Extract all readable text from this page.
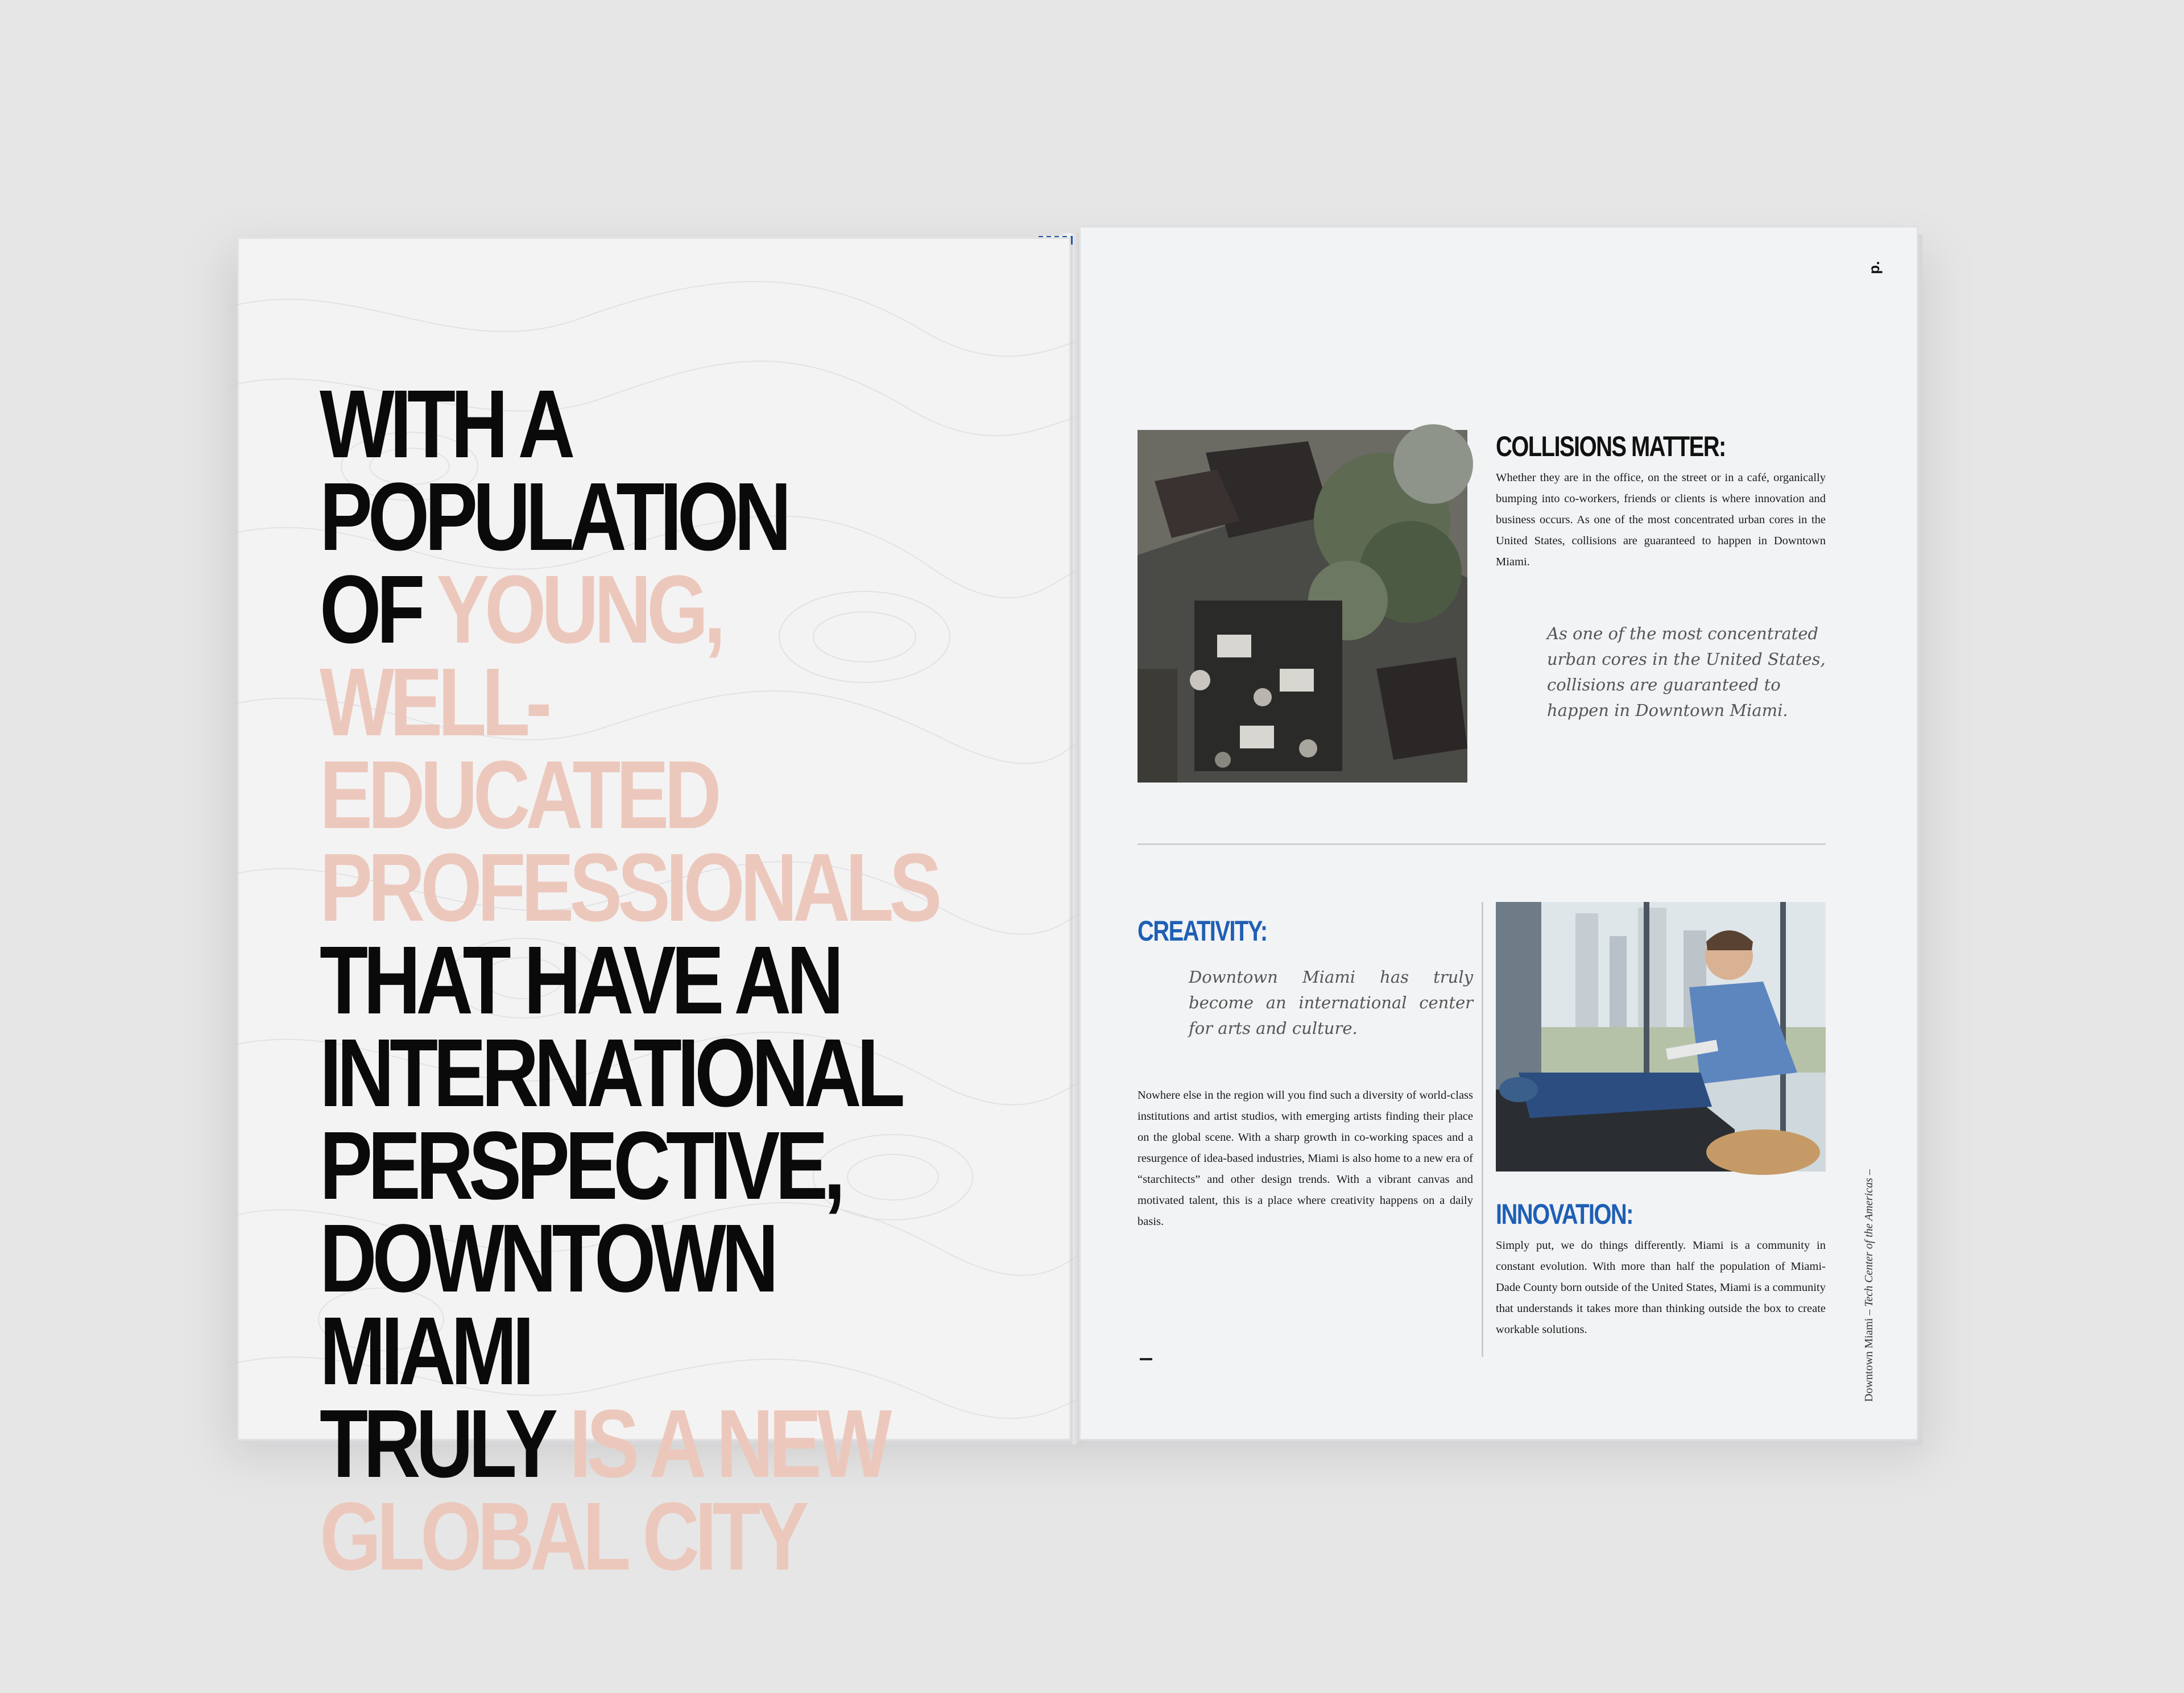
WITH A POPULATION
OF YOUNG,
WELL-EDUCATED
PROFESSIONALS
THAT HAVE AN
INTERNATIONAL
PERSPECTIVE,
DOWNTOWN MIAMI
TRULY IS A NEW
GLOBAL CITY
p.
COLLISIONS MATTER:

Whether they are in the office, on the street or in a café, organically bumping into co-workers, friends or clients is where innovation and business occurs. As one of the most concentrated urban cores in the United States, collisions are guaranteed to happen in Downtown Miami.

As one of the most concentrated urban cores in the United States, collisions are guaranteed to happen in Downtown Miami.

CREATIVITY:

Downtown Miami has truly become an international center for arts and culture.

Nowhere else in the region will you find such a diversity of world-class institutions and artist studios, with emerging artists finding their place on the global scene. With a sharp growth in co-working spaces and a resurgence of idea-based industries, Miami is also home to a new era of “starchitects” and other design trends. With a vibrant canvas and motivated talent, this is a place where creativity happens on a daily basis.	INNOVATION:

Simply put, we do things differently. Miami is a community in constant evolution. With more than half the population of Miami-Dade County born outside of the United States, Miami is a community that understands it takes more than thinking outside the box to create workable solutions.	Downtown Miami – Tech Center of the Americas –
